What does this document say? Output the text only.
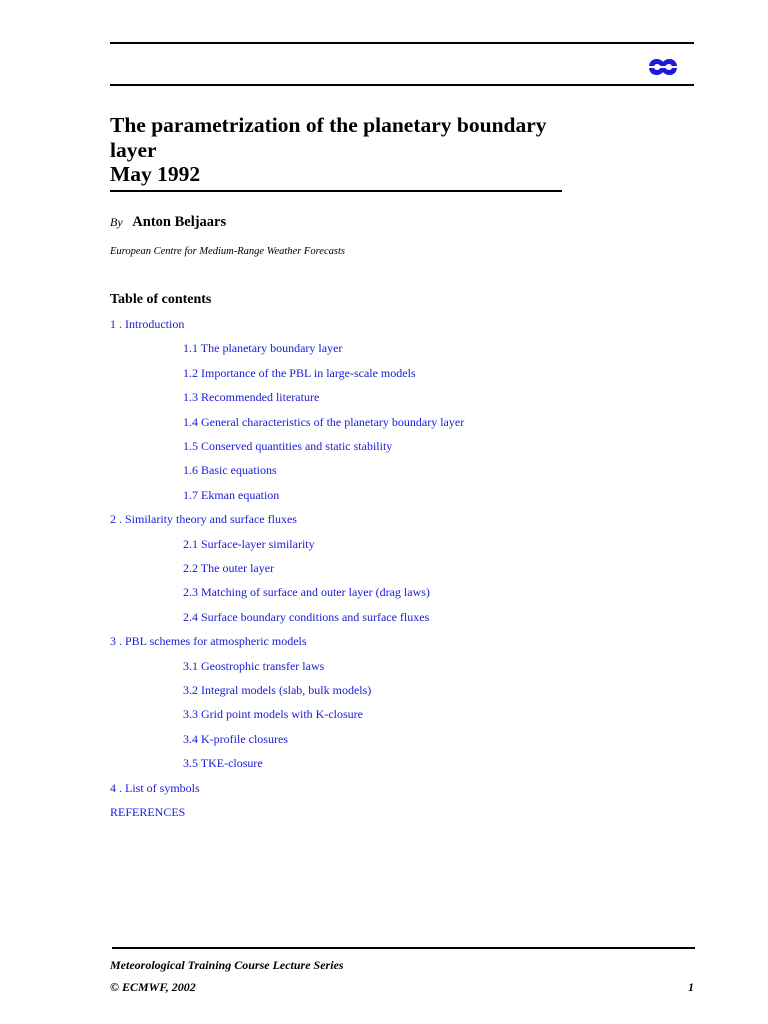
The parametrization of the planetary boundary
layer
May 1992
By Anton Beljaars
European Centre for Medium-Range Weather Forecasts
Table of contents
1 . Introduction
1.1 The planetary boundary layer
1.2 Importance of the PBL in large-scale models
1.3 Recommended literature
1.4 General characteristics of the planetary boundary layer
1.5 Conserved quantities and static stability
1.6 Basic equations
1.7 Ekman equation
2 . Similarity theory and surface fluxes
2.1 Surface-layer similarity
2.2 The outer layer
2.3 Matching of surface and outer layer (drag laws)
2.4 Surface boundary conditions and surface fluxes
3 . PBL schemes for atmospheric models
3.1 Geostrophic transfer laws
3.2 Integral models (slab, bulk models)
3.3 Grid point models with K-closure
3.4 K-profile closures
3.5 TKE-closure
4 . List of symbols
REFERENCES
Meteorological Training Course Lecture Series
© ECMWF, 2002	1
